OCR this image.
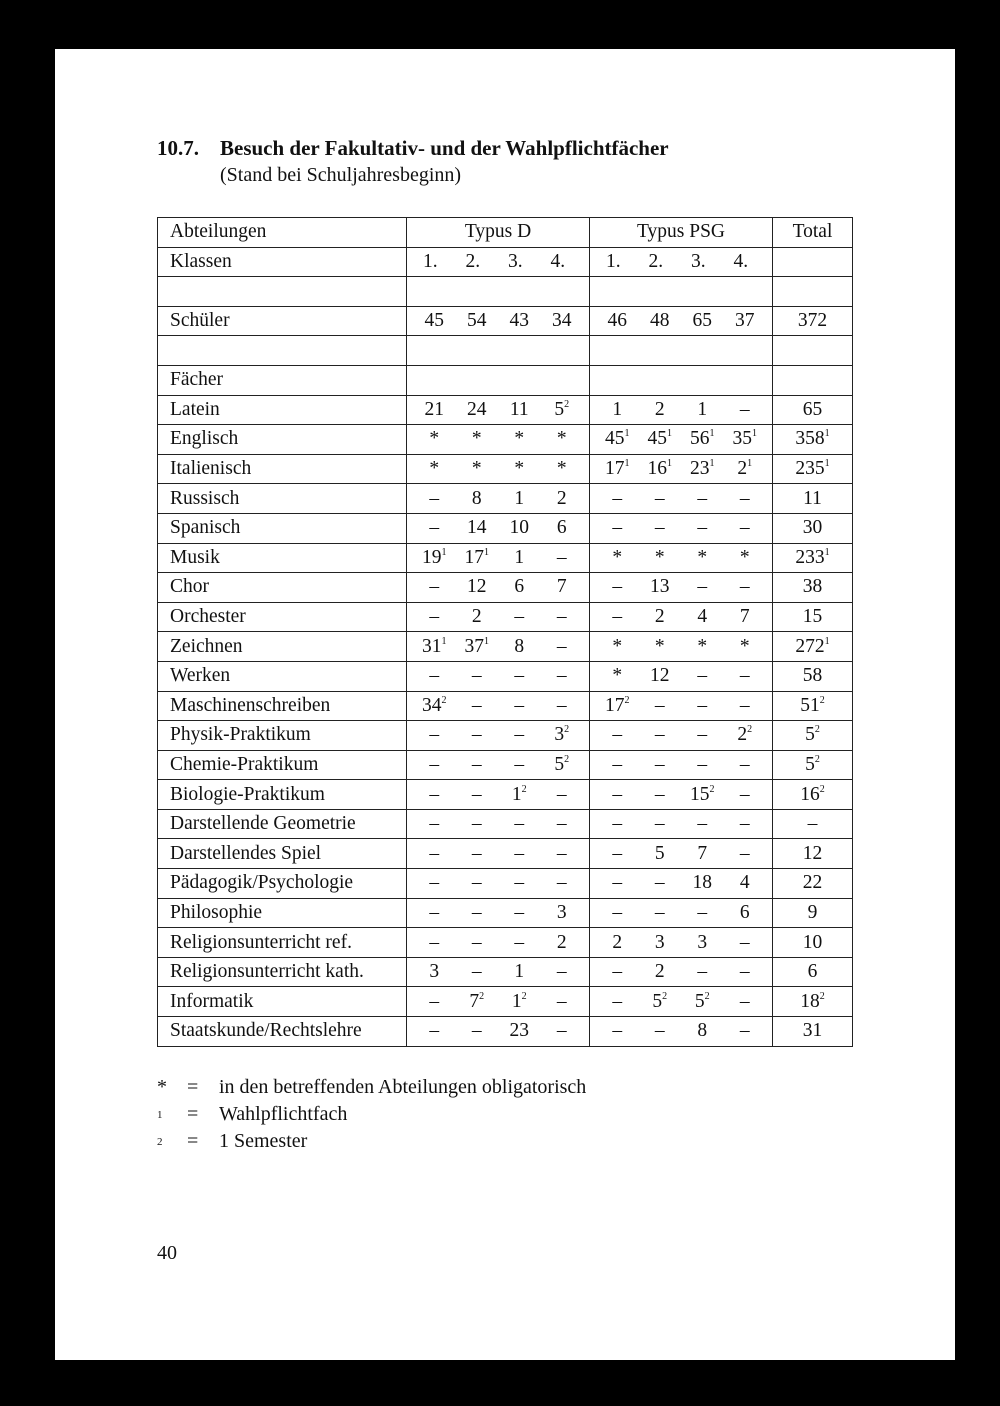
10.7.	Besuch der Fakultativ- und der Wahlpflichtfächer
(Stand bei Schuljahresbeginn)
Abteilungen	Typus D	Typus PSG	Total
Klassen	1. 2. 3. 4.	1. 2. 3. 4.	

Schüler	45 54 43 34	46 48 65 37	372

Fächer			
Latein	21 24 11 $5^2$	1 2 1 –	65
Englisch	* * * *	$45^1$ $45^1$ $56^1$ $35^1$	$358^1$
Italienisch	* * * *	$17^1$ $16^1$ $23^1$ $2^1$	$235^1$
Russisch	– 8 1 2	– – – –	11
Spanisch	– 14 10 6	– – – –	30
Musik	$19^1$ $17^1$ 1 –	* * * *	$233^1$
Chor	– 12 6 7	– 13 – –	38
Orchester	– 2 – –	– 2 4 7	15
Zeichnen	$31^1$ $37^1$ 8 –	* * * *	$272^1$
Werken	– – – –	* 12 – –	58
Maschinenschreiben	$34^2$ – – –	$17^2$ – – –	$51^2$
Physik-Praktikum	– – – $3^2$	– – – $2^2$	$5^2$
Chemie-Praktikum	– – – $5^2$	– – – –	$5^2$
Biologie-Praktikum	– – $1^2$ –	– – $15^2$ –	$16^2$
Darstellende Geometrie	– – – –	– – – –	–
Darstellendes Spiel	– – – –	– 5 7 –	12
Pädagogik/Psychologie	– – – –	– – 18 4	22
Philosophie	– – – 3	– – – 6	9
Religionsunterricht ref.	– – – 2	2 3 3 –	10
Religionsunterricht kath.	3 – 1 –	– 2 – –	6
Informatik	– $7^2$ $1^2$ –	– $5^2$ $5^2$ –	$18^2$
Staatskunde/Rechtslehre	– – 23 –	– – 8 –	31
*	=	in den betreffenden Abteilungen obligatorisch
1	=	Wahlpflichtfach
2	=	1 Semester
40
